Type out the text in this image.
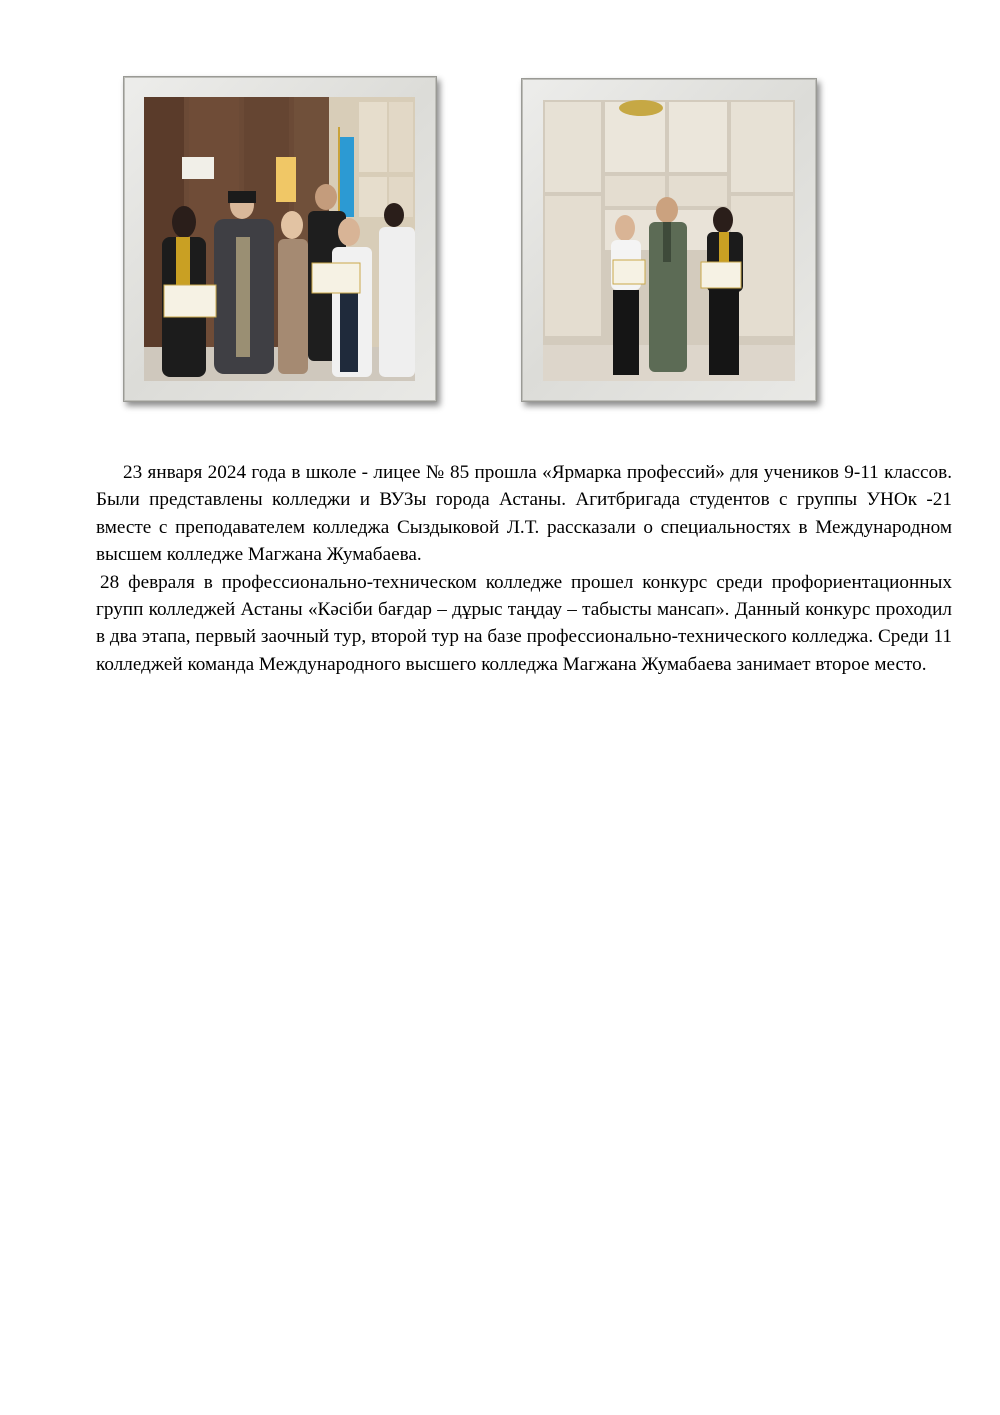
23 января 2024 года в школе - лицее № 85 прошла «Ярмарка профессий» для учеников 9-11 классов. Были представлены колледжи и ВУЗы города Астаны. Агитбригада студентов с группы УНОк -21 вместе с преподавателем колледжа Сыздыковой Л.Т. рассказали о специальностях в Международном высшем колледже Магжана Жумабаева.

28 февраля в профессионально-техническом колледже прошел конкурс среди профориентационных групп колледжей Астаны «Кәсіби бағдар – дұрыс таңдау – табысты мансап». Данный конкурс проходил в два этапа, первый заочный тур, второй тур на базе профессионально-технического колледжа. Среди 11 колледжей команда Международного высшего колледжа Магжана Жумабаева занимает второе место.
